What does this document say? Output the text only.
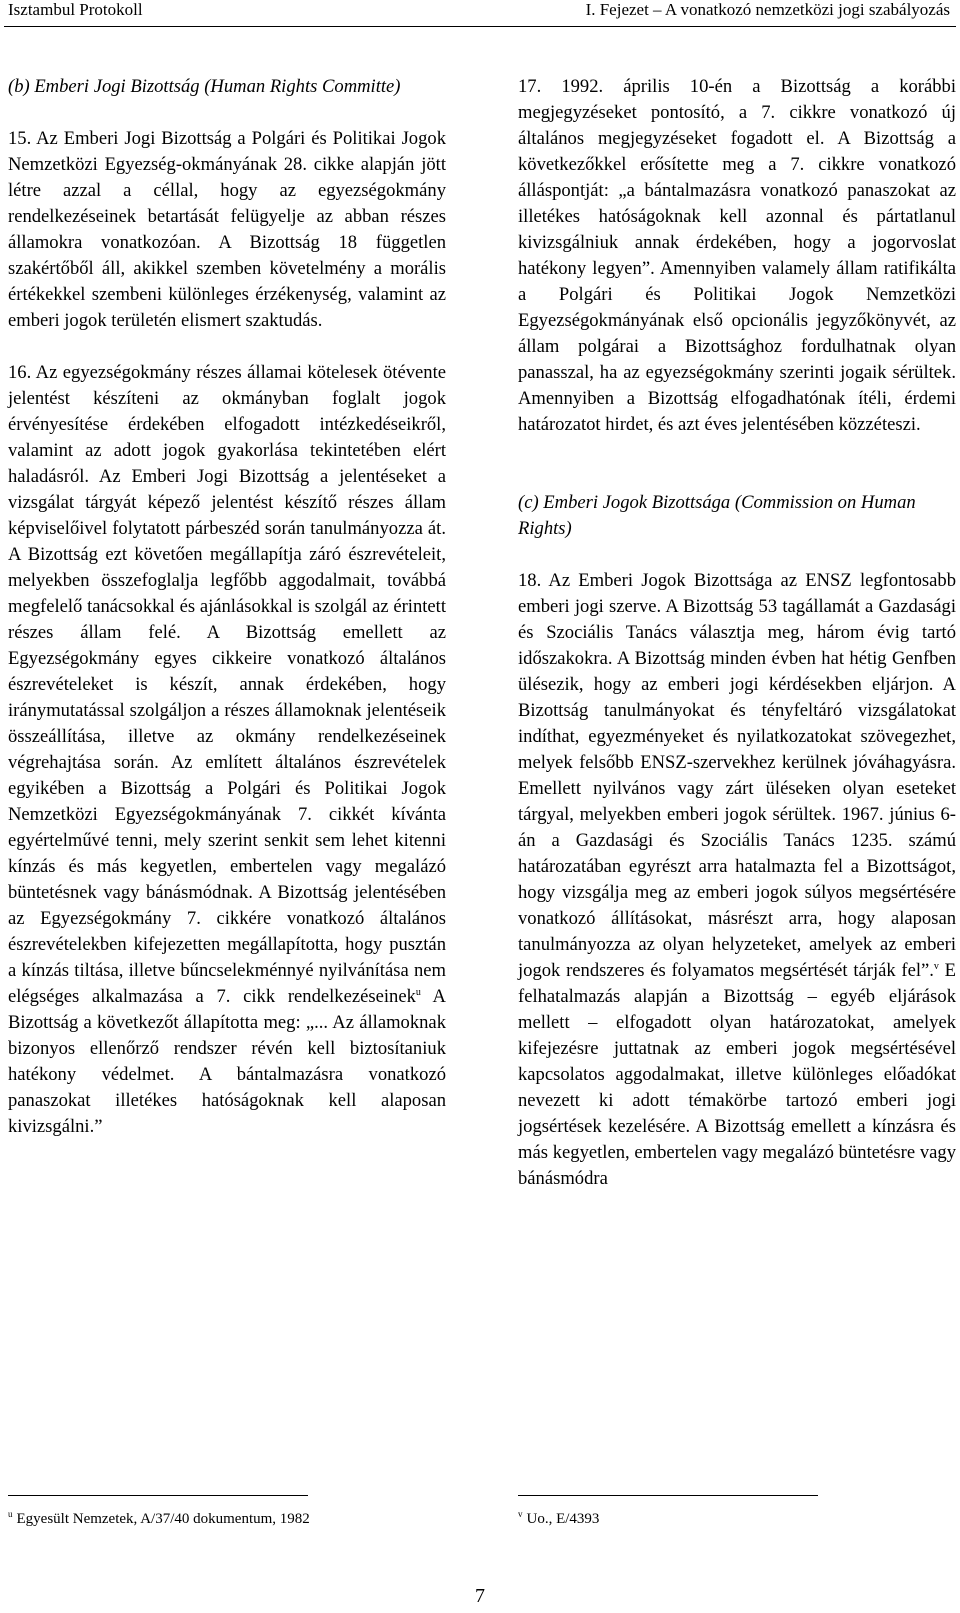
Isztambul Protokoll	I. Fejezet – A vonatkozó nemzetközi jogi szabályozás

(b) Emberi Jogi Bizottság (Human Rights Committe)

15. Az Emberi Jogi Bizottság a Polgári és Politikai Jogok Nemzetközi Egyezség-okmányának 28. cikke alapján jött létre azzal a céllal, hogy az egyezségokmány rendelkezéseinek betartását felügyelje az abban részes államokra vonatkozóan. A Bizottság 18 független szakértőből áll, akikkel szemben követelmény a morális értékekkel szembeni különleges érzékenység, valamint az emberi jogok területén elismert szaktudás.

16. Az egyezségokmány részes államai kötelesek ötévente jelentést készíteni az okmányban foglalt jogok érvényesítése érdekében elfogadott intézkedéseikről, valamint az adott jogok gyakorlása tekintetében elért haladásról. Az Emberi Jogi Bizottság a jelentéseket a vizsgálat tárgyát képező jelentést készítő részes állam képviselőivel folytatott párbeszéd során tanulmányozza át. A Bizottság ezt követően megállapítja záró észrevételeit, melyekben összefoglalja legfőbb aggodalmait, továbbá megfelelő tanácsokkal és ajánlásokkal is szolgál az érintett részes állam felé. A Bizottság emellett az Egyezségokmány egyes cikkeire vonatkozó általános észrevételeket is készít, annak érdekében, hogy iránymutatással szolgáljon a részes államoknak jelentéseik összeállítása, illetve az okmány rendelkezéseinek végrehajtása során. Az említett általános észrevételek egyikében a Bizottság a Polgári és Politikai Jogok Nemzetközi Egyezségokmányának 7. cikkét kívánta egyértelművé tenni, mely szerint senkit sem lehet kitenni kínzás és más kegyetlen, embertelen vagy megalázó büntetésnek vagy bánásmódnak. A Bizottság jelentésében az Egyezségokmány 7. cikkére vonatkozó általános észrevételekben kifejezetten megállapította, hogy pusztán a kínzás tiltása, illetve bűncselekménnyé nyilvánítása nem elégséges alkalmazása a 7. cikk rendelkezéseinek$^u$ A Bizottság a következőt állapította meg: „... Az államoknak bizonyos ellenőrző rendszer révén kell biztosítaniuk hatékony védelmet. A bántalmazásra vonatkozó panaszokat illetékes hatóságoknak kell alaposan kivizsgálni.”

17. 1992. április 10-én a Bizottság a korábbi megjegyzéseket pontosító, a 7. cikkre vonatkozó új általános megjegyzéseket fogadott el. A Bizottság a következőkkel erősítette meg a 7. cikkre vonatkozó álláspontját: „a bántalmazásra vonatkozó panaszokat az illetékes hatóságoknak kell azonnal és pártatlanul kivizsgálniuk annak érdekében, hogy a jogorvoslat hatékony legyen”. Amennyiben valamely állam ratifikálta a Polgári és Politikai Jogok Nemzetközi Egyezségokmányának első opcionális jegyzőkönyvét, az állam polgárai a Bizottsághoz fordulhatnak olyan panasszal, ha az egyezségokmány szerinti jogaik sérültek. Amennyiben a Bizottság elfogadhatónak ítéli, érdemi határozatot hirdet, és azt éves jelentésében közzéteszi.

(c) Emberi Jogok Bizottsága (Commission on Human Rights)

18. Az Emberi Jogok Bizottsága az ENSZ legfontosabb emberi jogi szerve. A Bizottság 53 tagállamát a Gazdasági és Szociális Tanács választja meg, három évig tartó időszakokra. A Bizottság minden évben hat hétig Genfben ülésezik, hogy az emberi jogi kérdésekben eljárjon. A Bizottság tanulmányokat és tényfeltáró vizsgálatokat indíthat, egyezményeket és nyilatkozatokat szövegezhet, melyek felsőbb ENSZ-szervekhez kerülnek jóváhagyásra. Emellett nyilvános vagy zárt üléseken olyan eseteket tárgyal, melyekben emberi jogok sérültek. 1967. június 6-án a Gazdasági és Szociális Tanács 1235. számú határozatában egyrészt arra hatalmazta fel a Bizottságot, hogy vizsgálja meg az emberi jogok súlyos megsértésére vonatkozó állításokat, másrészt arra, hogy alaposan tanulmányozza az olyan helyzeteket, amelyek az emberi jogok rendszeres és folyamatos megsértését tárják fel”.$^v$ E felhatalmazás alapján a Bizottság – egyéb eljárások mellett – elfogadott olyan határozatokat, amelyek kifejezésre juttatnak az emberi jogok megsértésével kapcsolatos aggodalmakat, illetve különleges előadókat nevezett ki adott témakörbe tartozó emberi jogi jogsértések kezelésére. A Bizottság emellett a kínzásra és más kegyetlen, embertelen vagy megalázó büntetésre vagy bánásmódra

$^u$ Egyesült Nemzetek, A/37/40 dokumentum, 1982	$^v$ Uo., E/4393
7
